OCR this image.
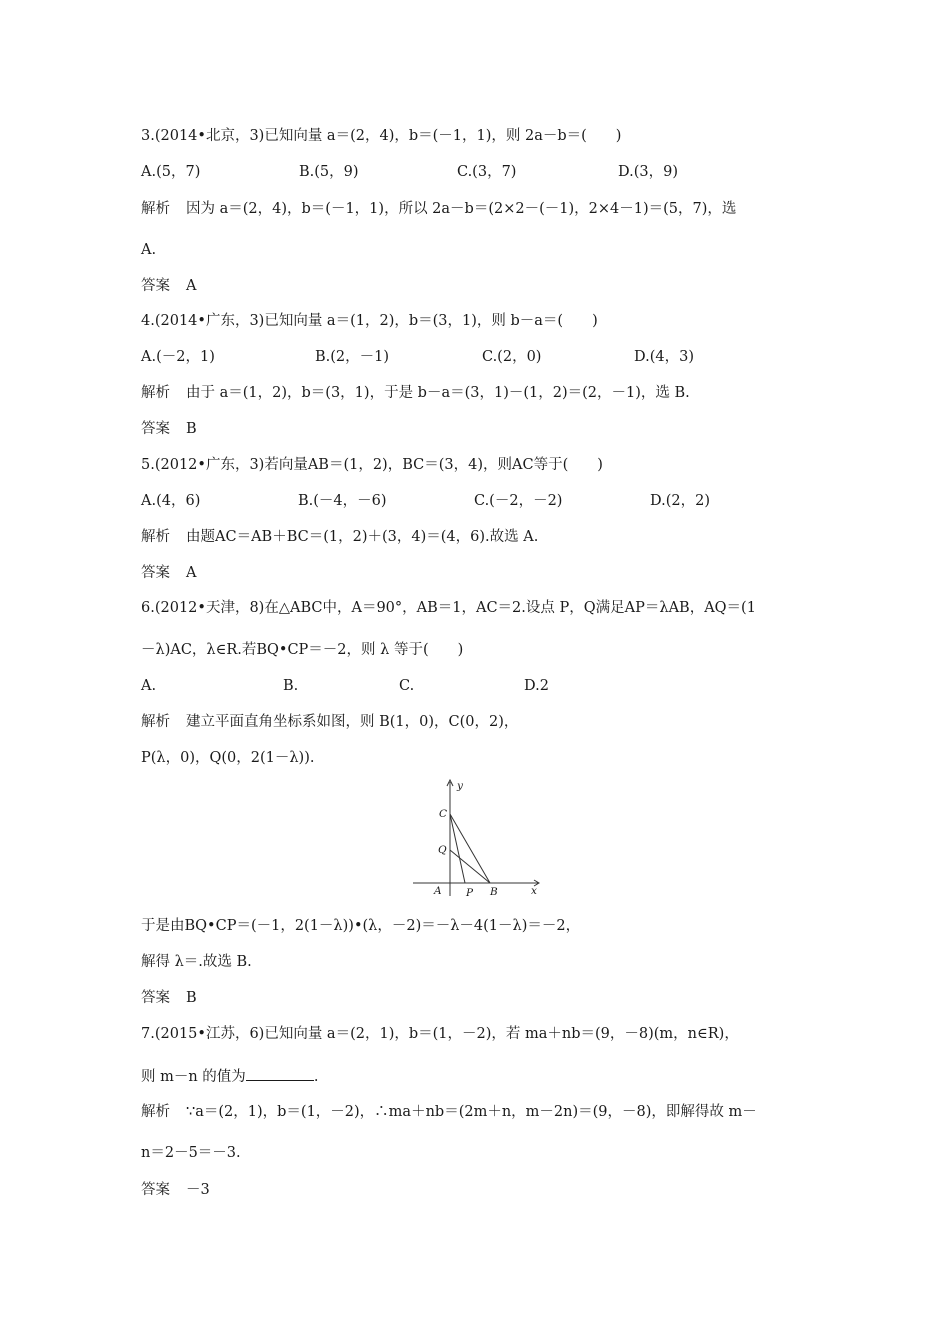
3.(2014•北京，3)已知向量 a＝(2，4)，b＝(－1，1)，则 2a－b＝(　　)
A.(5，7)	B.(5，9)	C.(3，7)	D.(3，9)
解析 因为 a＝(2，4)，b＝(－1，1)，所以 2a－b＝(2×2－(－1)，2×4－1)＝(5，7)，选
A.
答案 A
4.(2014•广东，3)已知向量 a＝(1，2)，b＝(3，1)，则 b－a＝(　　)
A.(－2，1)	B.(2，－1)	C.(2，0)	D.(4，3)
解析 由于 a＝(1，2)，b＝(3，1)，于是 b－a＝(3，1)－(1，2)＝(2，－1)，选 B.
答案 B
5.(2012•广东，3)若向量AB＝(1，2)，BC＝(3，4)，则AC等于(　　)
A.(4，6)	B.(－4，－6)	C.(－2，－2)	D.(2，2)
解析 由题AC＝AB＋BC＝(1，2)＋(3，4)＝(4，6).故选 A.
答案 A
6.(2012•天津，8)在△ABC中，A＝90°，AB＝1，AC＝2.设点 P，Q满足AP＝λAB，AQ＝(1
－λ)AC，λ∈R.若BQ•CP＝－2，则 λ 等于(　　)
A.	B.	C.	D.2
解析 建立平面直角坐标系如图，则 B(1，0)，C(0，2)，
P(λ，0)，Q(0，2(1－λ)).
y
x
C
Q
A P B
于是由BQ•CP＝(－1，2(1－λ))•(λ，－2)＝－λ－4(1－λ)＝－2，
解得 λ＝.故选 B.
答案 B
7.(2015•江苏，6)已知向量 a＝(2，1)，b＝(1，－2)，若 ma＋nb＝(9，－8)(m，n∈R)，
则 m－n 的值为	.
解析 ∵a＝(2，1)，b＝(1，－2)，∴ma＋nb＝(2m＋n，m－2n)＝(9，－8)，即解得故 m－
n＝2－5＝－3.
答案 －3
